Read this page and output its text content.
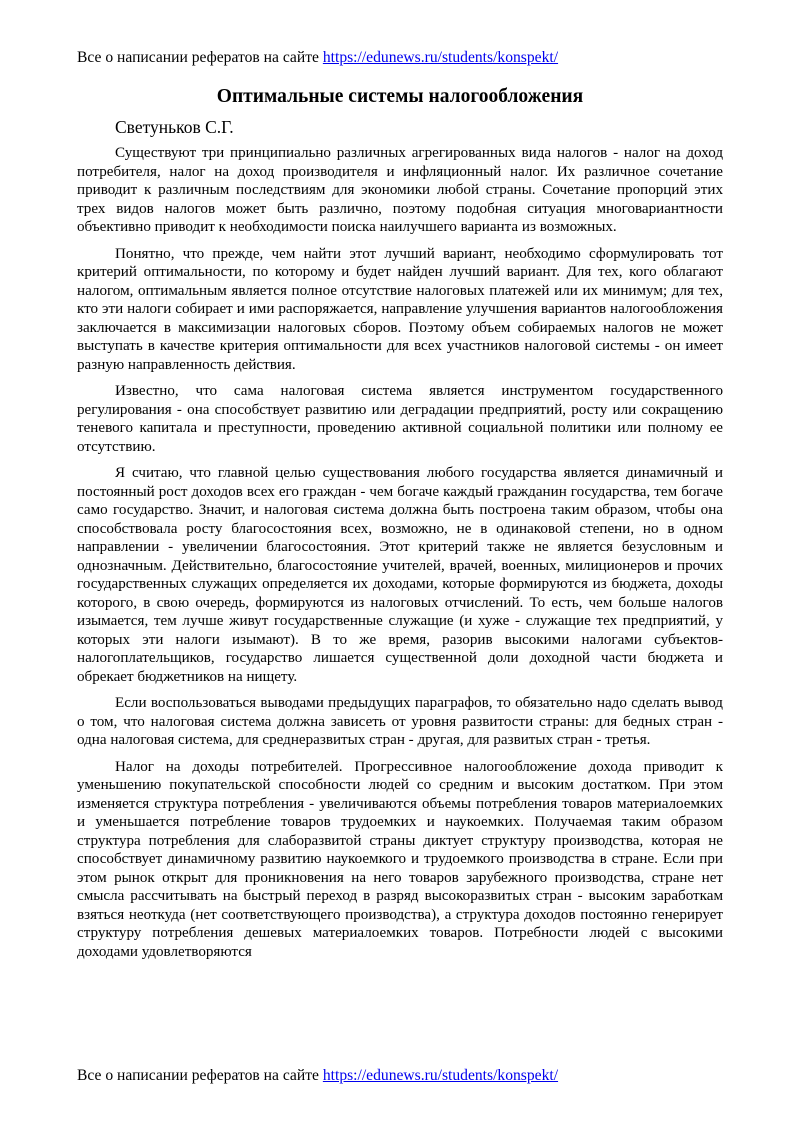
Все о написании рефератов на сайте https://edunews.ru/students/konspekt/
Оптимальные системы налогообложения
Светуньков С.Г.

Существуют три принципиально различных агрегированных вида налогов - налог на доход потребителя, налог на доход производителя и инфляционный налог. Их различное сочетание приводит к различным последствиям для экономики любой страны. Сочетание пропорций этих трех видов налогов может быть различно, поэтому подобная ситуация многовариантности объективно приводит к необходимости поиска наилучшего варианта из возможных.

Понятно, что прежде, чем найти этот лучший вариант, необходимо сформулировать тот критерий оптимальности, по которому и будет найден лучший вариант. Для тех, кого облагают налогом, оптимальным является полное отсутствие налоговых платежей или их минимум; для тех, кто эти налоги собирает и ими распоряжается, направление улучшения вариантов налогообложения заключается в максимизации налоговых сборов. Поэтому объем собираемых налогов не может выступать в качестве критерия оптимальности для всех участников налоговой системы - он имеет разную направленность действия.

Известно, что сама налоговая система является инструментом государственного регулирования - она способствует развитию или деградации предприятий, росту или сокращению теневого капитала и преступности, проведению активной социальной политики или полному ее отсутствию.

Я считаю, что главной целью существования любого государства является динамичный и постоянный рост доходов всех его граждан - чем богаче каждый гражданин государства, тем богаче само государство. Значит, и налоговая система должна быть построена таким образом, чтобы она способствовала росту благосостояния всех, возможно, не в одинаковой степени, но в одном направлении - увеличении благосостояния. Этот критерий также не является безусловным и однозначным. Действительно, благосостояние учителей, врачей, военных, милиционеров и прочих государственных служащих определяется их доходами, которые формируются из бюджета, доходы которого, в свою очередь, формируются из налоговых отчислений. То есть, чем больше налогов изымается, тем лучше живут государственные служащие (и хуже - служащие тех предприятий, у которых эти налоги изымают). В то же время, разорив высокими налогами субъектов-налогоплательщиков, государство лишается существенной доли доходной части бюджета и обрекает бюджетников на нищету.

Если воспользоваться выводами предыдущих параграфов, то обязательно надо сделать вывод о том, что налоговая система должна зависеть от уровня развитости страны: для бедных стран - одна налоговая система, для среднеразвитых стран - другая, для развитых стран - третья.

Налог на доходы потребителей. Прогрессивное налогообложение дохода приводит к уменьшению покупательской способности людей со средним и высоким достатком. При этом изменяется структура потребления - увеличиваются объемы потребления товаров материалоемких и уменьшается потребление товаров трудоемких и наукоемких. Получаемая таким образом структура потребления для слаборазвитой страны диктует структуру производства, которая не способствует динамичному развитию наукоемкого и трудоемкого производства в стране. Если при этом рынок открыт для проникновения на него товаров зарубежного производства, стране нет смысла рассчитывать на быстрый переход в разряд высокоразвитых стран - высоким заработкам взяться неоткуда (нет соответствующего производства), а структура доходов постоянно генерирует структуру потребления дешевых материалоемких товаров. Потребности людей с высокими доходами удовлетворяются

Все о написании рефератов на сайте https://edunews.ru/students/konspekt/
